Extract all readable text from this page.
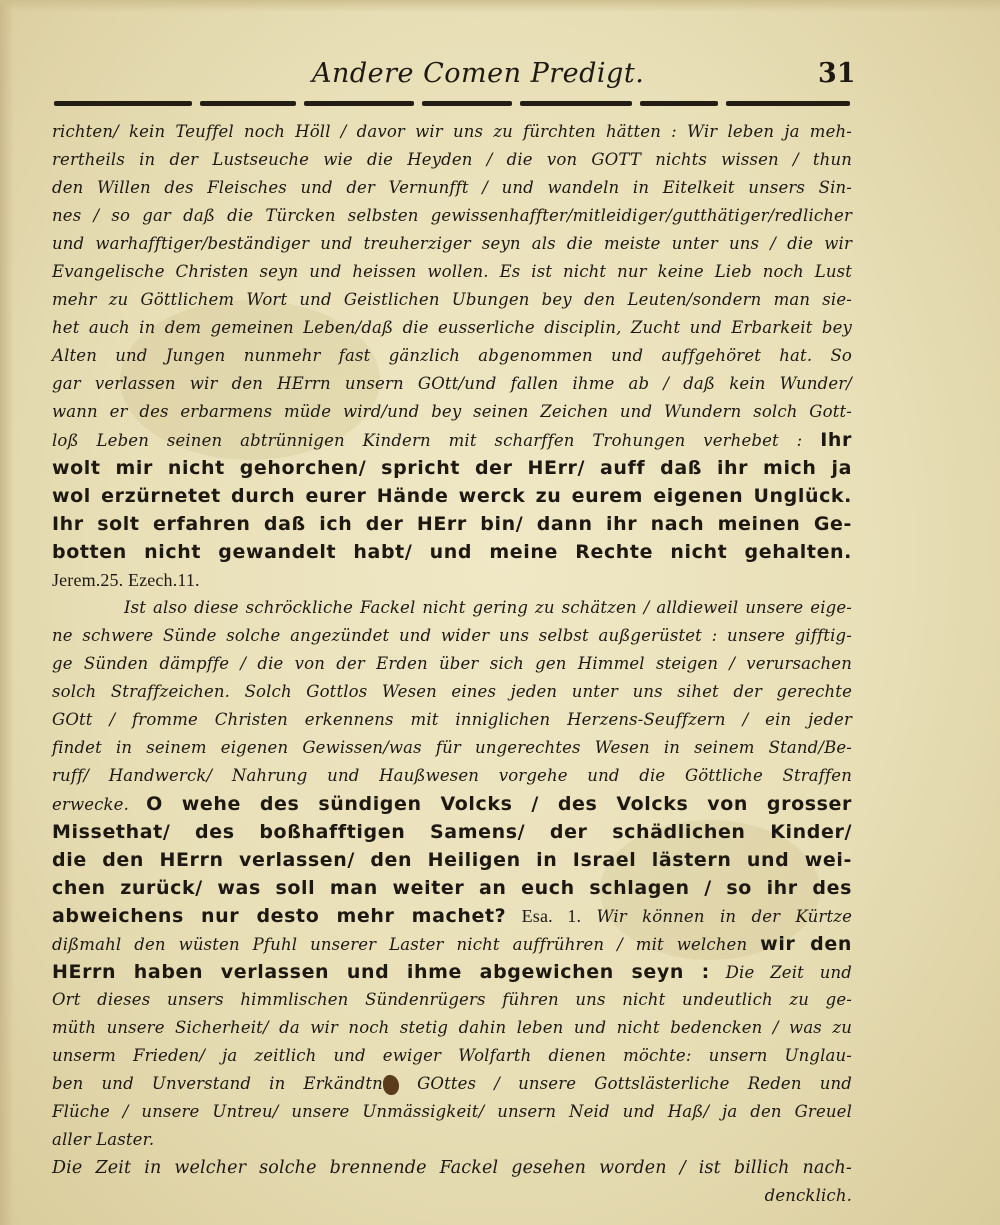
Andere Comen Predigt.	31
richten/ kein Teuffel noch Höll / davor wir uns zu fürchten hätten : Wir leben ja meh‑
rertheils in der Lustseuche wie die Heyden / die von GOTT nichts wissen / thun
den Willen des Fleisches und der Vernunfft / und wandeln in Eitelkeit unsers Sin‑
nes / so gar daß die Türcken selbsten gewissenhaffter/mitleidiger/gutthätiger/redlicher
und warhafftiger/beständiger und treuherziger seyn als die meiste unter uns / die wir
Evangelische Christen seyn und heissen wollen. Es ist nicht nur keine Lieb noch Lust
mehr zu Göttlichem Wort und Geistlichen Ubungen bey den Leuten/sondern man sie‑
het auch in dem gemeinen Leben/daß die eusserliche disciplin, Zucht und Erbarkeit bey
Alten und Jungen nunmehr fast gänzlich abgenommen und auffgehöret hat. So
gar verlassen wir den HErrn unsern GOtt/und fallen ihme ab / daß kein Wunder/
wann er des erbarmens müde wird/und bey seinen Zeichen und Wundern solch Gott‑
loß Leben seinen abtrünnigen Kindern mit scharffen Trohungen verhebet : Ihr
wolt mir nicht gehorchen/ spricht der HErr/ auff daß ihr mich ja
wol erzürnetet durch eurer Hände werck zu eurem eigenen Unglück.
Ihr solt erfahren daß ich der HErr bin/ dann ihr nach meinen Ge‑
botten nicht gewandelt habt/ und meine Rechte nicht gehalten.
Jerem.25. Ezech.11.
Ist also diese schröckliche Fackel nicht gering zu schätzen / alldieweil unsere eige‑
ne schwere Sünde solche angezündet und wider uns selbst außgerüstet : unsere gifftig‑
ge Sünden dämpffe / die von der Erden über sich gen Himmel steigen / verursachen
solch Straffzeichen. Solch Gottlos Wesen eines jeden unter uns sihet der gerechte
GOtt / fromme Christen erkennens mit inniglichen Herzens-Seuffzern / ein jeder
findet in seinem eigenen Gewissen/was für ungerechtes Wesen in seinem Stand/Be‑
ruff/ Handwerck/ Nahrung und Haußwesen vorgehe und die Göttliche Straffen
erwecke. O wehe des sündigen Volcks / des Volcks von grosser
Missethat/ des boßhafftigen Samens/ der schädlichen Kinder/
die den HErrn verlassen/ den Heiligen in Israel lästern und wei‑
chen zurück/ was soll man weiter an euch schlagen / so ihr des
abweichens nur desto mehr machet? Esa. 1. Wir können in der Kürtze
dißmahl den wüsten Pfuhl unserer Laster nicht auffrühren / mit welchen wir den
HErrn haben verlassen und ihme abgewichen seyn : Die Zeit und
Ort dieses unsers himmlischen Sündenrügers führen uns nicht undeutlich zu ge‑
müth unsere Sicherheit/ da wir noch stetig dahin leben und nicht bedencken / was zu
unserm Frieden/ ja zeitlich und ewiger Wolfarth dienen möchte: unsern Unglau‑
ben und Unverstand in Erkändtn GOttes / unsere Gottslästerliche Reden und
Flüche / unsere Untreu/ unsere Unmässigkeit/ unsern Neid und Haß/ ja den Greuel
aller Laster.
Die Zeit in welcher solche brennende Fackel gesehen worden / ist billich nach‑
dencklich.
